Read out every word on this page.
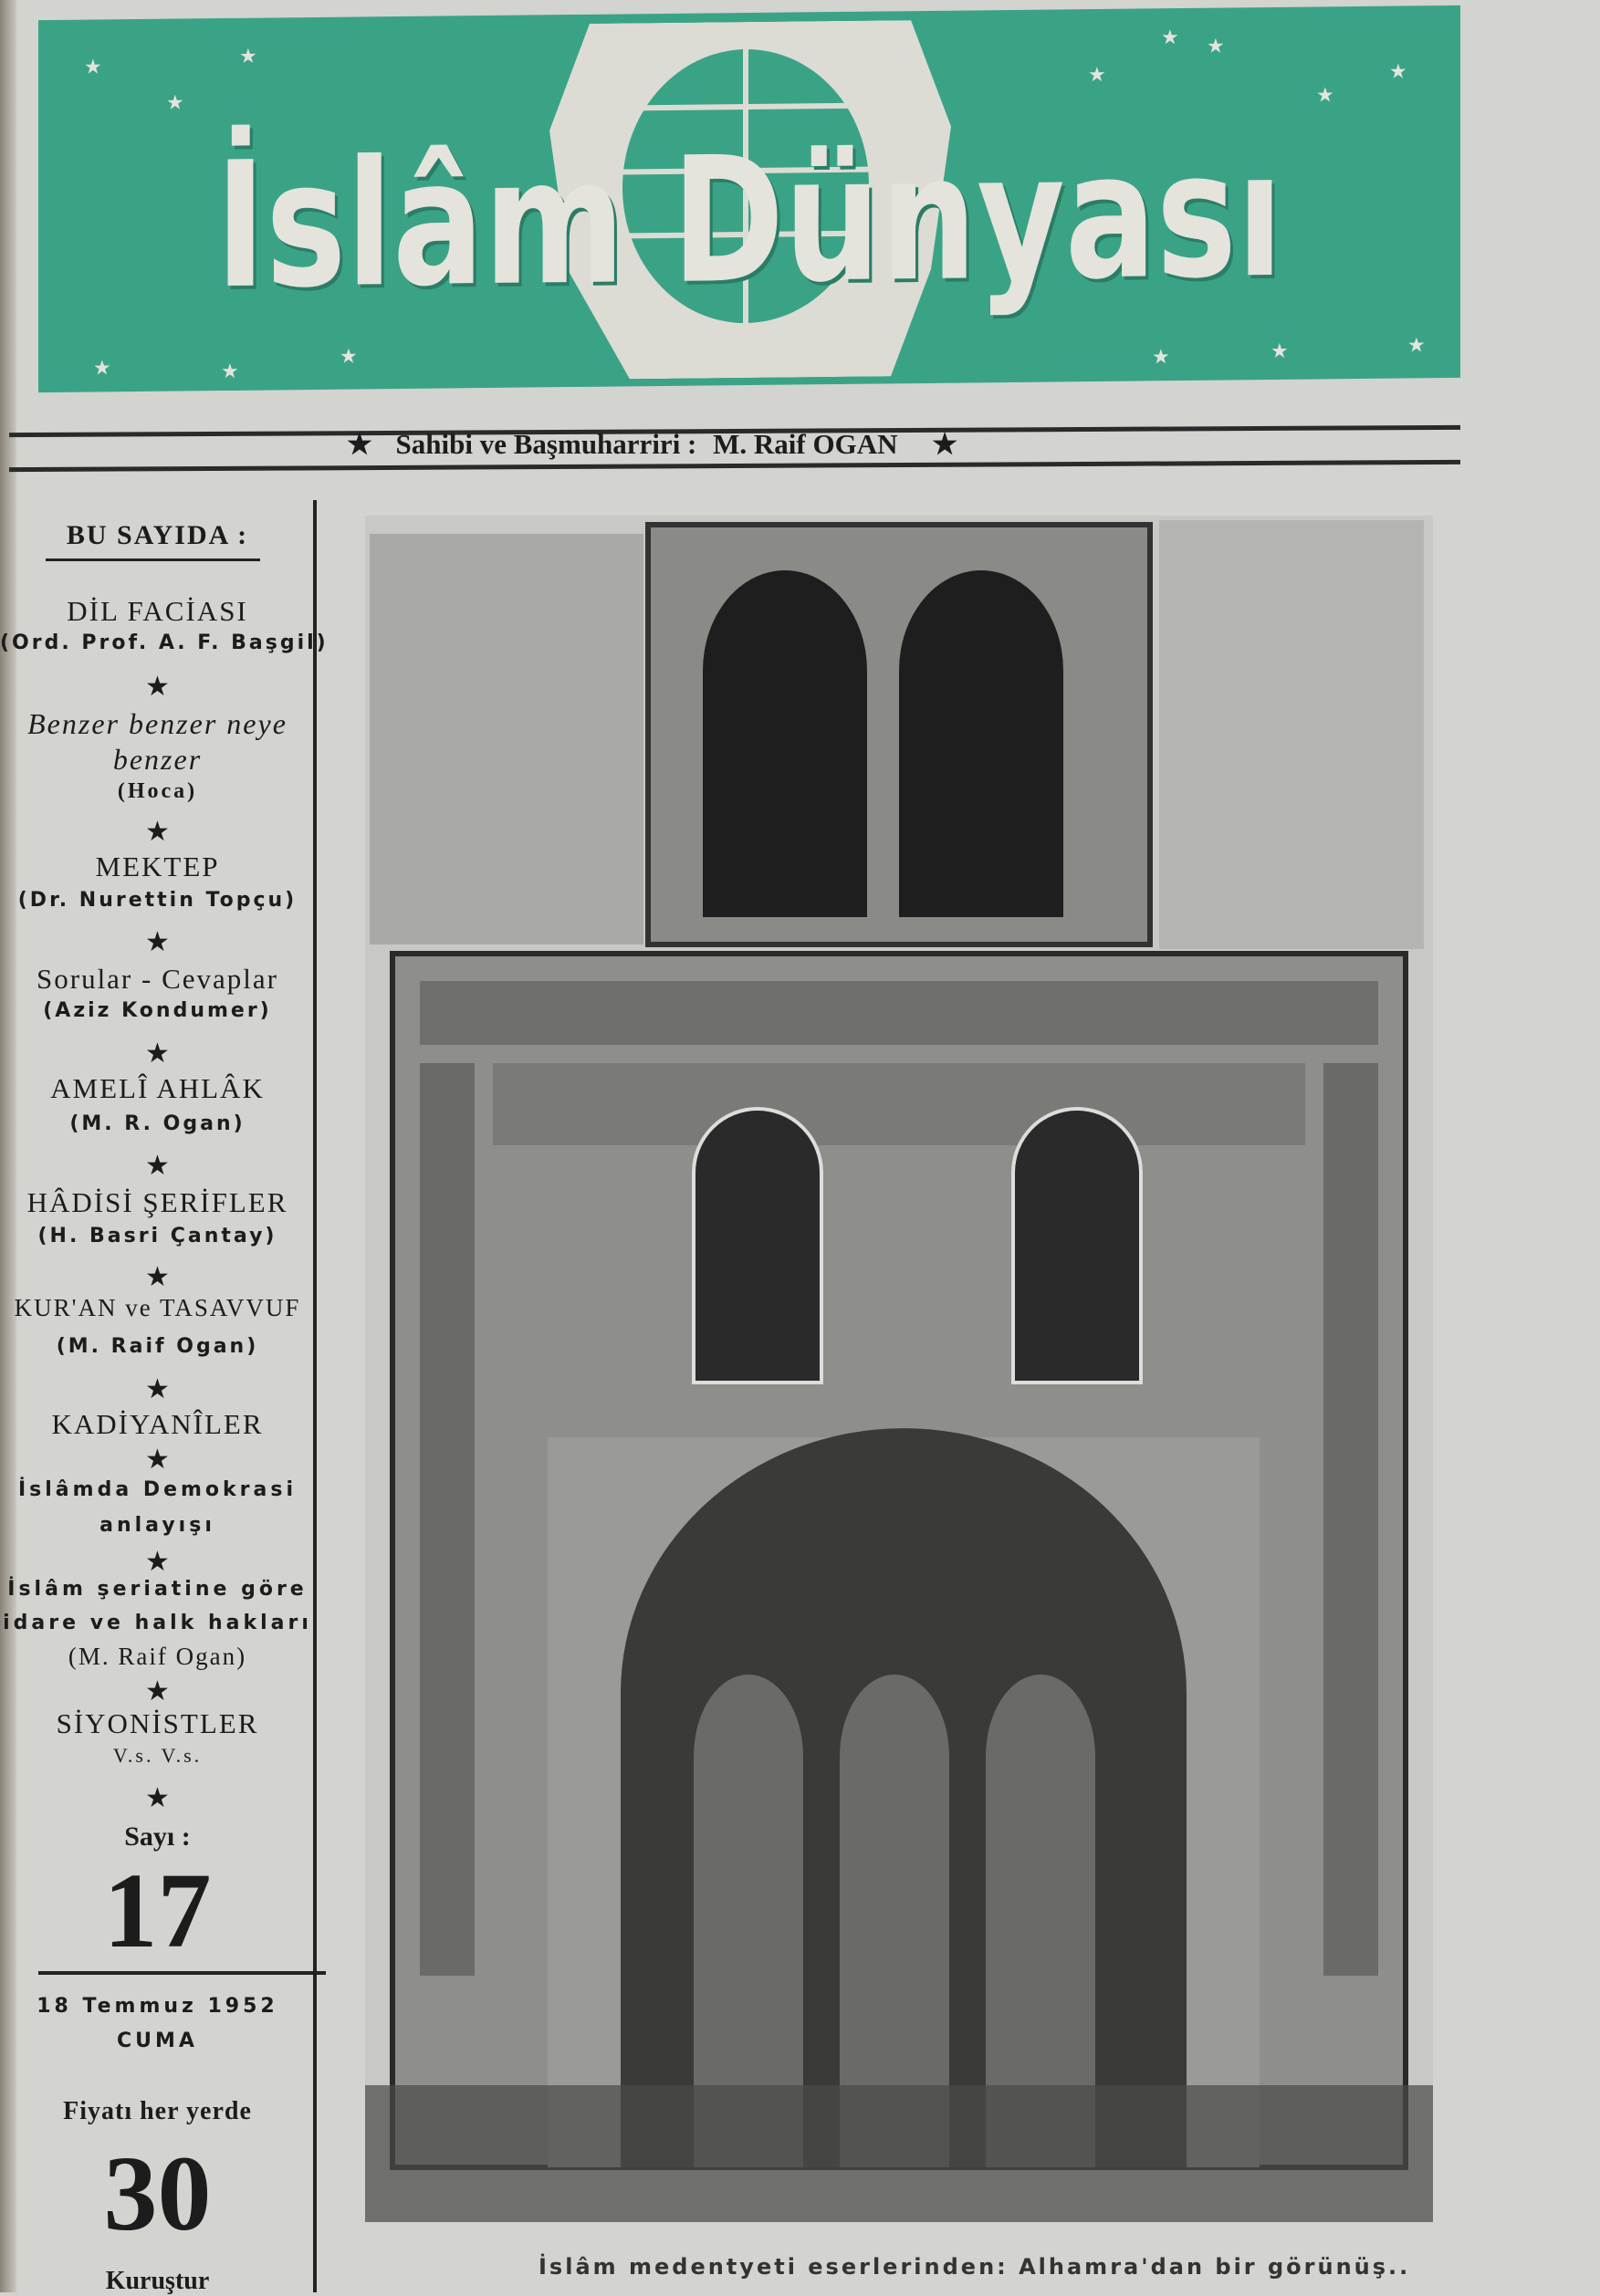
★
★
★
★	★
★
★
★
★
★
★
★
★
★
İslâm Dünyası
★ Sahibi ve Başmuharriri : M. Raif OGAN ★
BU SAYIDA :
DİL FACİASI
(Ord. Prof. A. F. Başgil)
★
Benzer benzer neye
benzer
(Hoca)
★
MEKTEP
(Dr. Nurettin Topçu)
★
Sorular - Cevaplar
(Aziz Kondumer)
★
AMELÎ AHLÂK
(M. R. Ogan)
★
HÂDİSİ ŞERİFLER
(H. Basri Çantay)
★
KUR'AN ve TASAVVUF
(M. Raif Ogan)
★
KADİYANÎLER
★
İslâmda Demokrasi
anlayışı
★
İslâm şeriatine göre
idare ve halk hakları
(M. Raif Ogan)
★
SİYONİSTLER
V.s. V.s.
★
Sayı :
17
18 Temmuz 1952
CUMA
Fiyatı her yerde
30
Kuruştur	İslâm medentyeti eserlerinden: Alhamra'dan bir görünüş..
